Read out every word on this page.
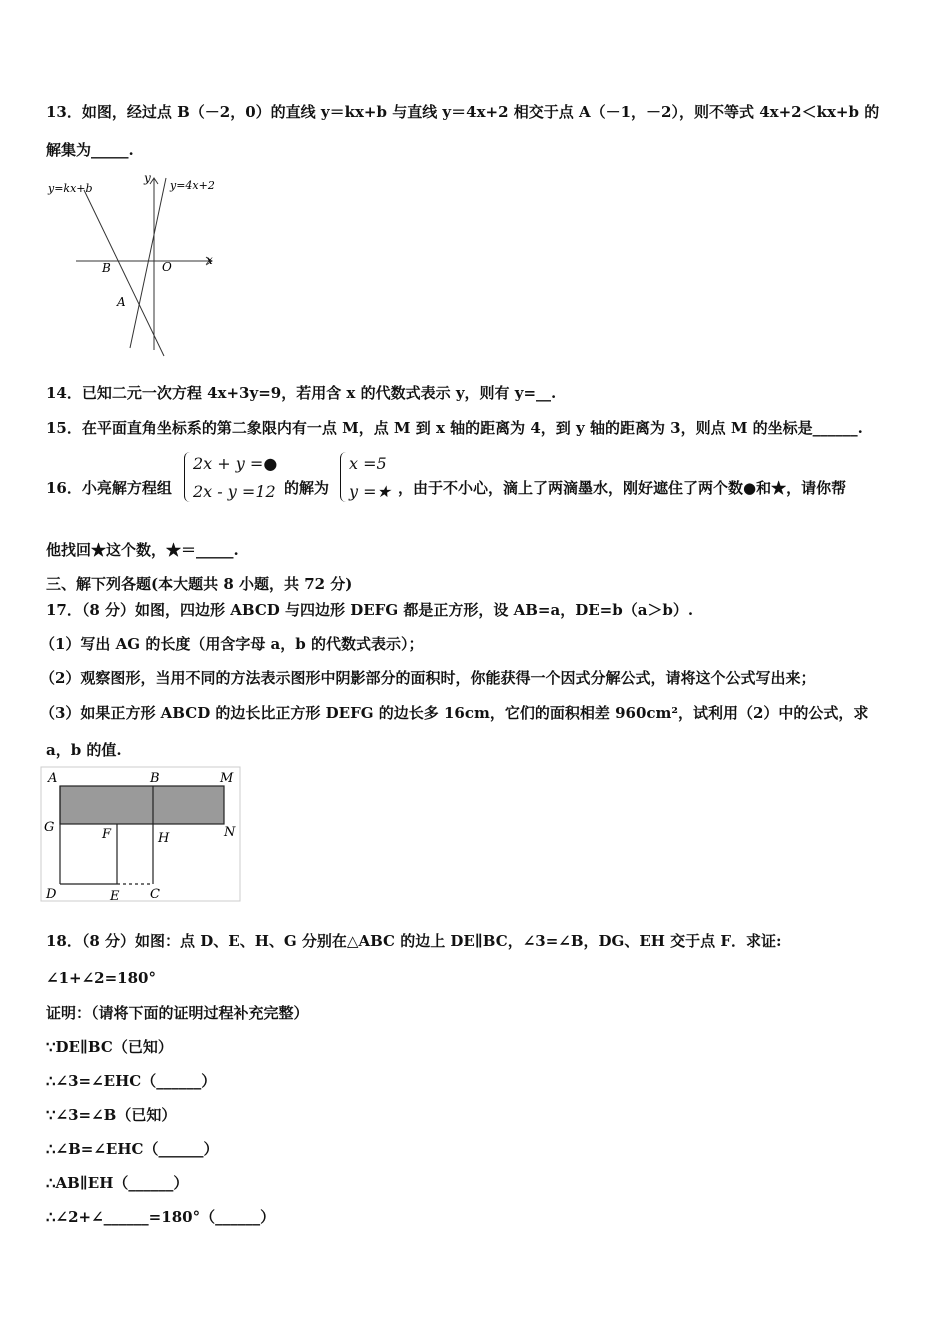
13．如图，经过点 B（－2，0）的直线 y＝kx+b 与直线 y＝4x+2 相交于点 A（－1，－2），则不等式 4x+2＜kx+b 的
解集为_____.
y=kx+b	y=4x+2
y
x
B	O
A
14．已知二元一次方程 4x+3y=9，若用含 x 的代数式表示 y，则有 y=__.
15．在平面直角坐标系的第二象限内有一点 M，点 M 到 x 轴的距离为 4，到 y 轴的距离为 3，则点 M 的坐标是______.
16．小亮解方程组
2x + y =●
2x - y =12 的解为
x =5
y =★ ，由于不小心，滴上了两滴墨水，刚好遮住了两个数●和★，请你帮
他找回★这个数，★＝_____.
三、解下列各题(本大题共 8 小题，共 72 分)
17．（8 分）如图，四边形 ABCD 与四边形 DEFG 都是正方形，设 AB=a，DE=b（a＞b）.
（1）写出 AG 的长度（用含字母 a，b 的代数式表示）；
（2）观察图形，当用不同的方法表示图形中阴影部分的面积时，你能获得一个因式分解公式，请将这个公式写出来；
（3）如果正方形 ABCD 的边长比正方形 DEFG 的边长多 16cm，它们的面积相差 960cm²，试利用（2）中的公式，求
a，b 的值.
A	B	M
G	F	H	N
D	E C
18．（8 分）如图：点 D、E、H、G 分别在△ABC 的边上 DE∥BC，∠3=∠B，DG、EH 交于点 F．求证:
∠1+∠2=180°
证明：（请将下面的证明过程补充完整）
∵DE∥BC（已知）
∴∠3=∠EHC（______）
∵∠3=∠B（已知）
∴∠B=∠EHC（______）
∴AB∥EH（______）
∴∠2+∠______=180°（______）
